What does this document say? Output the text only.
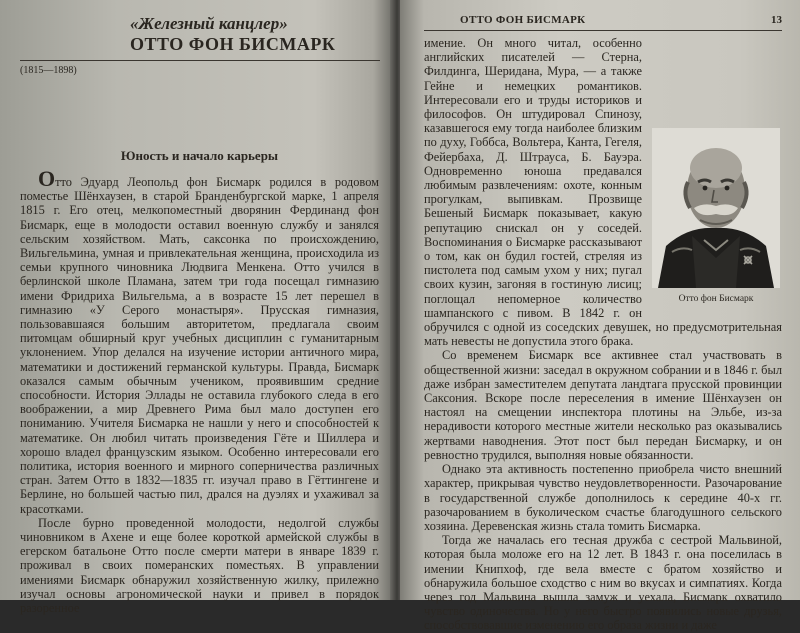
«Железный канцлер»
ОТТО ФОН БИСМАРК
(1815—1898)
Юность и начало карьеры

Отто Эдуард Леопольд фон Бисмарк родился в родовом поместье Шёнхаузен, в старой Бранденбургской марке, 1 апреля 1815 г. Его отец, мелкопоместный дворянин Фердинанд фон Бисмарк, еще в молодости оставил военную службу и занялся сельским хозяйством. Мать, саксонка по происхождению, Вильгельмина, умная и привлекательная женщина, происходила из семьи крупного чиновника Людвига Менкена. Отто учился в берлинской школе Пламана, затем три года посещал гимназию имени Фридриха Вильгельма, а в возрасте 15 лет перешел в гимназию «У Серого монастыря». Прусская гимназия, пользовавшаяся большим авторитетом, предлагала своим питомцам обширный круг учебных дисциплин с гуманитарным уклонением. Упор делался на изучение истории античного мира, математики и достижений германской культуры. Правда, Бисмарк оказался самым обычным учеником, проявившим средние способности. История Эллады не оставила глубокого следа в его воображении, а мир Древнего Рима был мало доступен его пониманию. Учителя Бисмарка не нашли у него и способностей к математике. Он любил читать произведения Гёте и Шиллера и хорошо владел французским языком. Особенно интересовали его политика, история военного и мирного соперничества различных стран. Затем Отто в 1832—1835 гг. изучал право в Гёттингене и Берлине, но большей частью пил, дрался на дуэлях и ухаживал за красотками.

После бурно проведенной молодости, недолгой службы чиновником в Ахене и еще более короткой армейской службы в егерском батальоне Отто после смерти матери в январе 1839 г. проживал в своих померанских поместьях. В управлении имениями Бисмарк обнаружил хозяйственную жилку, прилежно изучал основы агрономической науки и привел в порядок разоренное

ОТТО ФОН БИСМАРК	13
Отто фон Бисмарк

имение. Он много читал, особенно английских писателей — Стерна, Филдинга, Шеридана, Мура, — а также Гейне и немецких романтиков. Интересовали его и труды историков и философов. Он штудировал Спинозу, казавшегося ему тогда наиболее близким по духу, Гоббса, Вольтера, Канта, Гегеля, Фейербаха, Д. Штрауса, Б. Бауэра. Одновременно юноша предавался любимым развлечениям: охоте, конным прогулкам, выпивкам. Прозвище Бешеный Бисмарк показывает, какую репутацию снискал он у соседей. Воспоминания о Бисмарке рассказывают о том, как он будил гостей, стреляя из пистолета под самым ухом у них; пугал своих кузин, загоняя в гостиную лисиц; поглощал непомерное количество шампанского с пивом. В 1842 г. он обручился с одной из соседских девушек, но предусмотрительная мать невесты не допустила этого брака.

Со временем Бисмарк все активнее стал участвовать в общественной жизни: заседал в окружном собрании и в 1846 г. был даже избран заместителем депутата ландтага прусской провинции Саксония. Вскоре после переселения в имение Шёнхаузен он настоял на смещении инспектора плотины на Эльбе, из-за нерадивости которого местные жители несколько раз оказывались жертвами наводнения. Этот пост был передан Бисмарку, и он ревностно трудился, выполняя новые обязанности.

Однако эта активность постепенно приобрела чисто внешний характер, прикрывая чувство неудовлетворенности. Разочарование в государственной службе дополнилось к середине 40-х гг. разочарованием в буколическом счастье благодушного сельского хозяина. Деревенская жизнь стала томить Бисмарка.

Тогда же началась его тесная дружба с сестрой Мальвиной, которая была моложе его на 12 лет. В 1843 г. она поселилась в имении Книпхоф, где вела вместе с братом хозяйство и обнаружила большое сходство с ним во вкусах и симпатиях. Когда через год Мальвина вышла замуж и уехала, Бисмарк охватило чувство одиночества. Но у него быстро появились новые друзья, способствовавшие изменению его образа жизни и даже
